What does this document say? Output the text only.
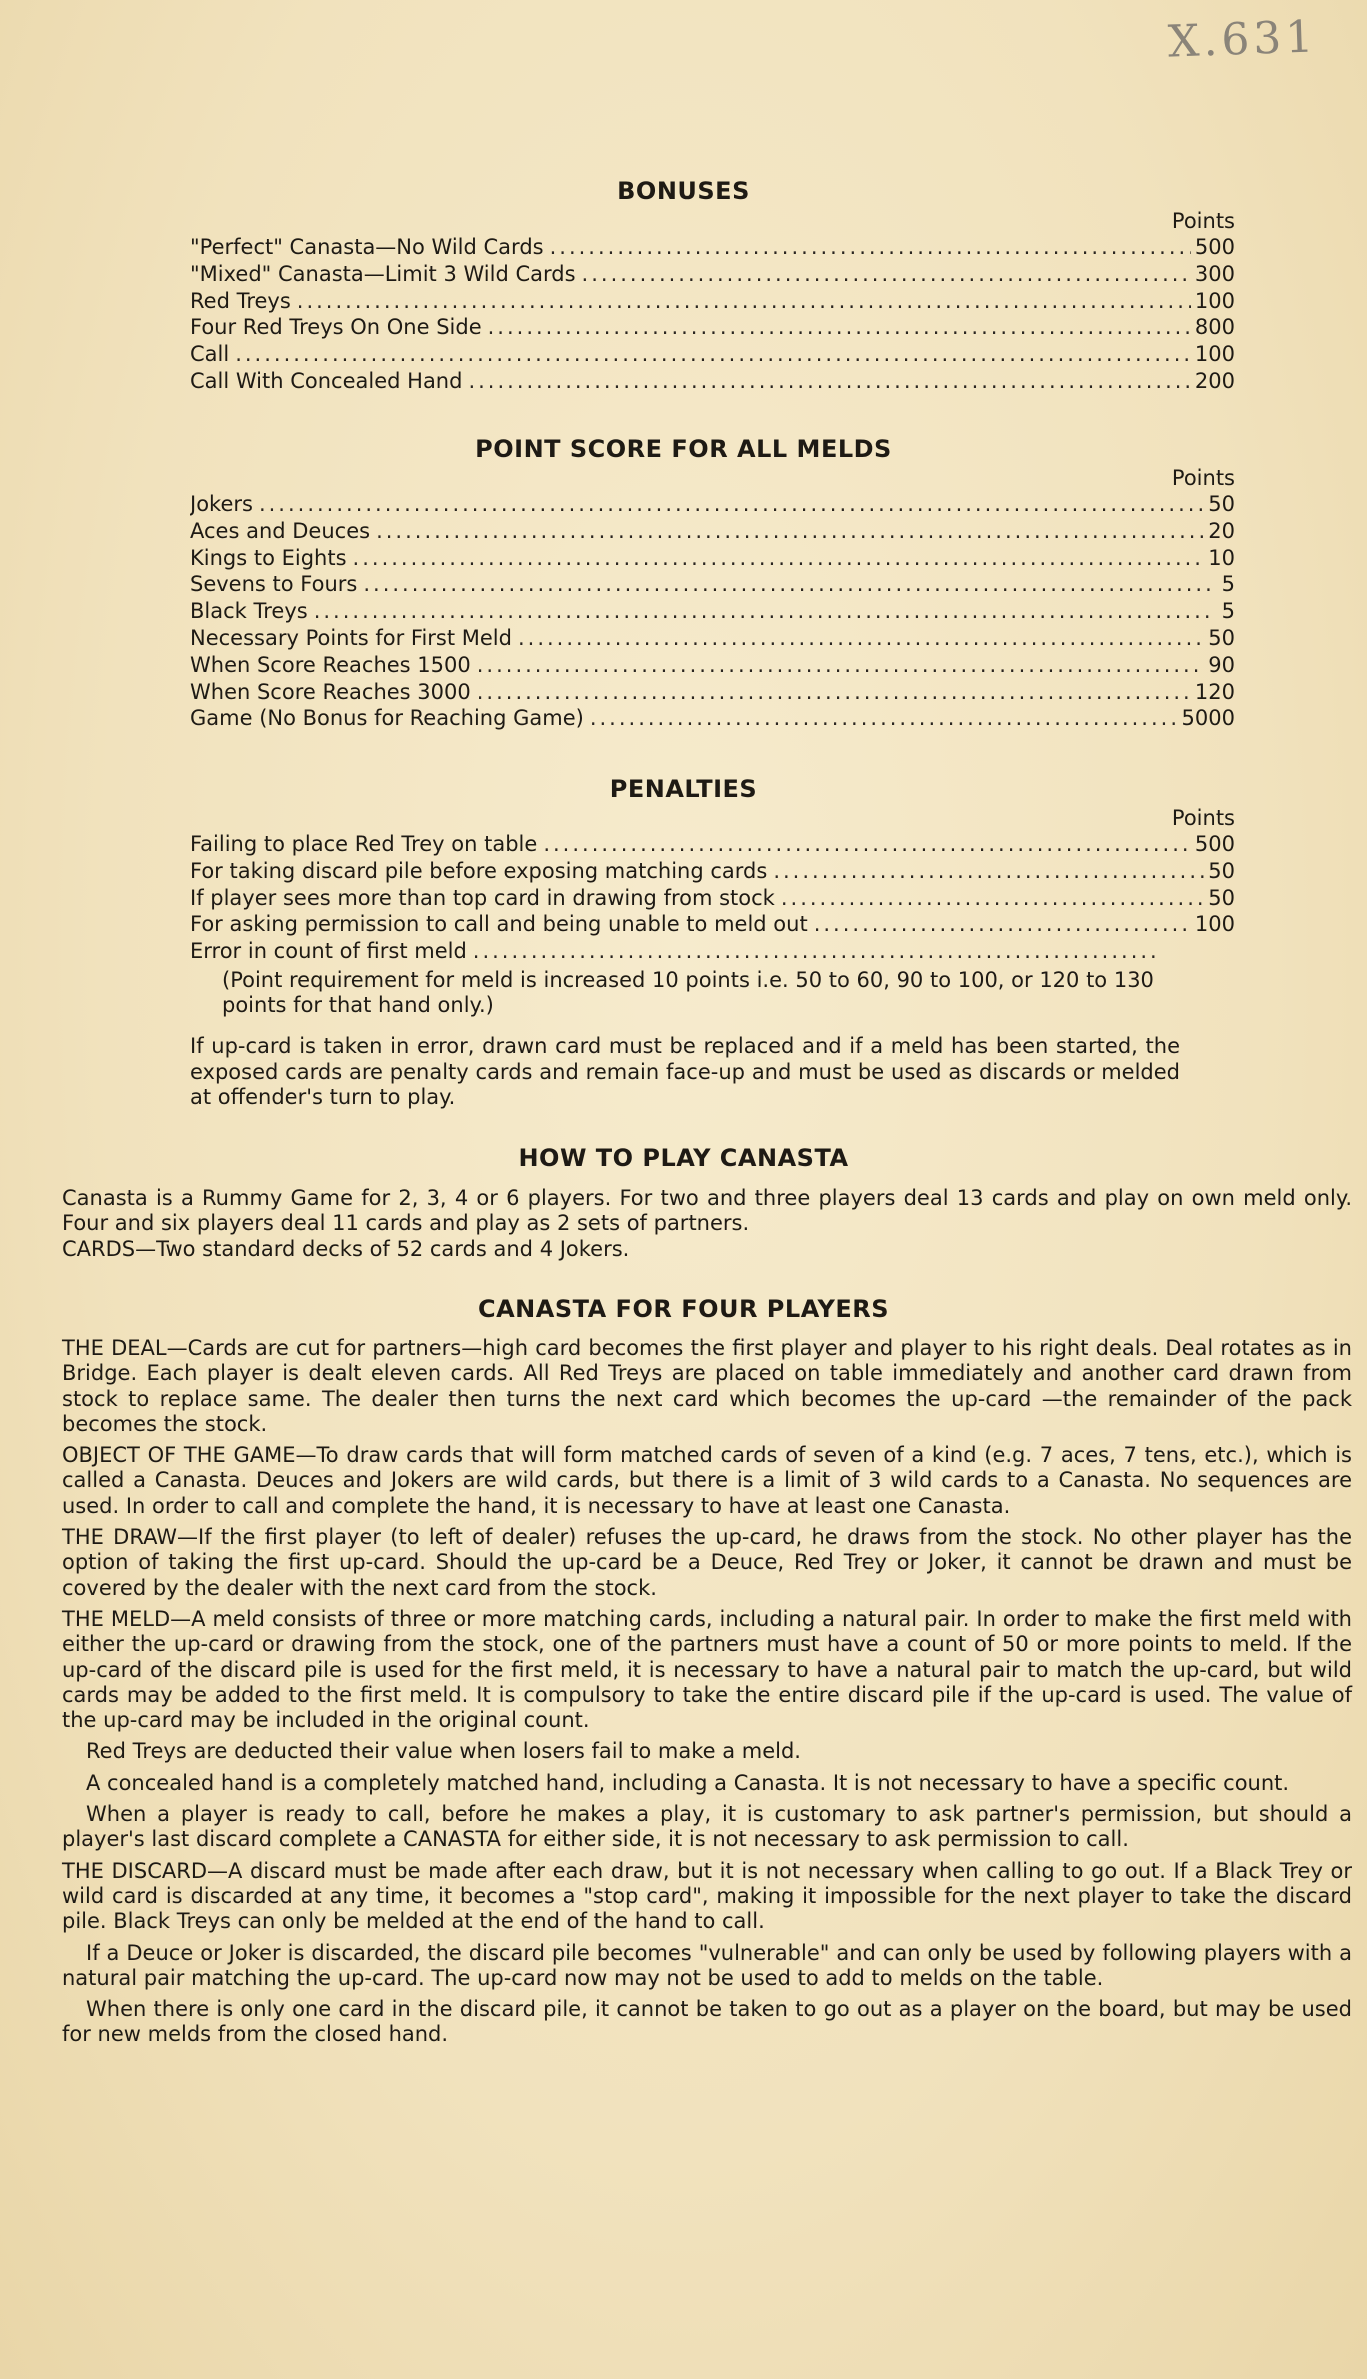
X.631
BONUSES
Points
"Perfect" Canasta—No Wild Cards .....	500
"Mixed" Canasta—Limit 3 Wild Cards .....	300
Red Treys .....	100
Four Red Treys On One Side .....	800
Call .....	100
Call With Concealed Hand .....	200
POINT SCORE FOR ALL MELDS
Points
Jokers .....	50
Aces and Deuces .....	20
Kings to Eights .....	10
Sevens to Fours .....	5
Black Treys .....	5
Necessary Points for First Meld .....	50
When Score Reaches 1500 .....	90
When Score Reaches 3000 .....	120
Game (No Bonus for Reaching Game) .....	5000
PENALTIES
Points
Failing to place Red Trey on table .....	500
For taking discard pile before exposing matching cards .....	50
If player sees more than top card in drawing from stock .....	50
For asking permission to call and being unable to meld out .....	100
Error in count of first meld
.....
(Point requirement for meld is increased 10 points i.e. 50 to 60, 90 to 100, or 120 to 130 points for that hand only.)

If up-card is taken in error, drawn card must be replaced and if a meld has been started, the exposed cards are penalty cards and remain face-up and must be used as discards or melded at offender's turn to play.

HOW TO PLAY CANASTA

Canasta is a Rummy Game for 2, 3, 4 or 6 players. For two and three players deal 13 cards and play on own meld only. Four and six players deal 11 cards and play as 2 sets of partners.

CARDS—Two standard decks of 52 cards and 4 Jokers.

CANASTA FOR FOUR PLAYERS

THE DEAL—Cards are cut for partners—high card becomes the first player and player to his right deals. Deal rotates as in Bridge. Each player is dealt eleven cards. All Red Treys are placed on table immediately and another card drawn from stock to replace same. The dealer then turns the next card which becomes the up-card —the remainder of the pack becomes the stock.

OBJECT OF THE GAME—To draw cards that will form matched cards of seven of a kind (e.g. 7 aces, 7 tens, etc.), which is called a Canasta. Deuces and Jokers are wild cards, but there is a limit of 3 wild cards to a Canasta. No sequences are used. In order to call and complete the hand, it is necessary to have at least one Canasta.

THE DRAW—If the first player (to left of dealer) refuses the up-card, he draws from the stock. No other player has the option of taking the first up-card. Should the up-card be a Deuce, Red Trey or Joker, it cannot be drawn and must be covered by the dealer with the next card from the stock.

THE MELD—A meld consists of three or more matching cards, including a natural pair. In order to make the first meld with either the up-card or drawing from the stock, one of the partners must have a count of 50 or more points to meld. If the up-card of the discard pile is used for the first meld, it is necessary to have a natural pair to match the up-card, but wild cards may be added to the first meld. It is compulsory to take the entire discard pile if the up-card is used. The value of the up-card may be included in the original count.

Red Treys are deducted their value when losers fail to make a meld.

A concealed hand is a completely matched hand, including a Canasta. It is not necessary to have a specific count.

When a player is ready to call, before he makes a play, it is customary to ask partner's permission, but should a player's last discard complete a CANASTA for either side, it is not necessary to ask permission to call.

THE DISCARD—A discard must be made after each draw, but it is not necessary when calling to go out. If a Black Trey or wild card is discarded at any time, it becomes a "stop card", making it impossible for the next player to take the discard pile. Black Treys can only be melded at the end of the hand to call.

If a Deuce or Joker is discarded, the discard pile becomes "vulnerable" and can only be used by following players with a natural pair matching the up-card. The up-card now may not be used to add to melds on the table.

When there is only one card in the discard pile, it cannot be taken to go out as a player on the board, but may be used for new melds from the closed hand.
